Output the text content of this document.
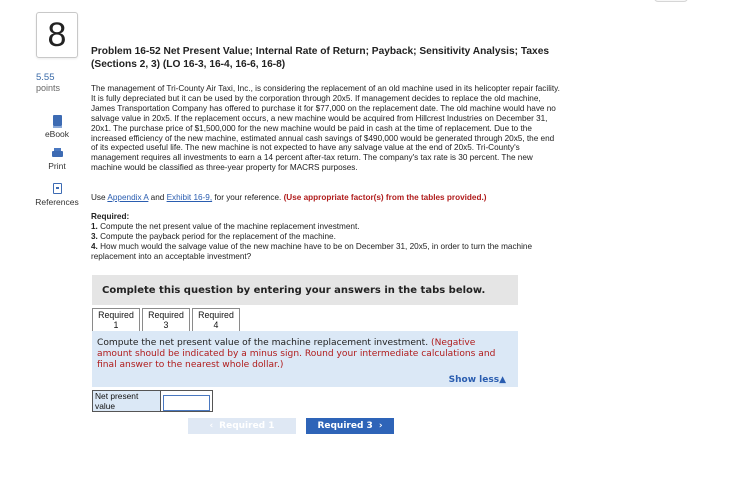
8
5.55
points
eBook
Print
References
Problem 16-52 Net Present Value; Internal Rate of Return; Payback; Sensitivity Analysis; Taxes (Sections 2, 3) (LO 16-3, 16-4, 16-6, 16-8)
The management of Tri-County Air Taxi, Inc., is considering the replacement of an old machine used in its helicopter repair facility. It is fully depreciated but it can be used by the corporation through 20x5. If management decides to replace the old machine, James Transportation Company has offered to purchase it for $77,000 on the replacement date. The old machine would have no salvage value in 20x5. If the replacement occurs, a new machine would be acquired from Hillcrest Industries on December 31, 20x1. The purchase price of $1,500,000 for the new machine would be paid in cash at the time of replacement. Due to the increased efficiency of the new machine, estimated annual cash savings of $490,000 would be generated through 20x5, the end of its expected useful life. The new machine is not expected to have any salvage value at the end of 20x5. Tri-County's management requires all investments to earn a 14 percent after-tax return. The company's tax rate is 30 percent. The new machine would be classified as three-year property for MACRS purposes.
Use Appendix A and Exhibit 16-9, for your reference. (Use appropriate factor(s) from the tables provided.)
Required:
1. Compute the net present value of the machine replacement investment.
3. Compute the payback period for the replacement of the machine.
4. How much would the salvage value of the new machine have to be on December 31, 20x5, in order to turn the machine replacement into an acceptable investment?
Complete this question by entering your answers in the tabs below.
Required
1
Required
3
Required
4
Compute the net present value of the machine replacement investment. (Negative amount should be indicated by a minus sign. Round your intermediate calculations and final answer to the nearest whole dollar.)
Show less▲
Net present value
‹ Required 1	Required 3 ›
